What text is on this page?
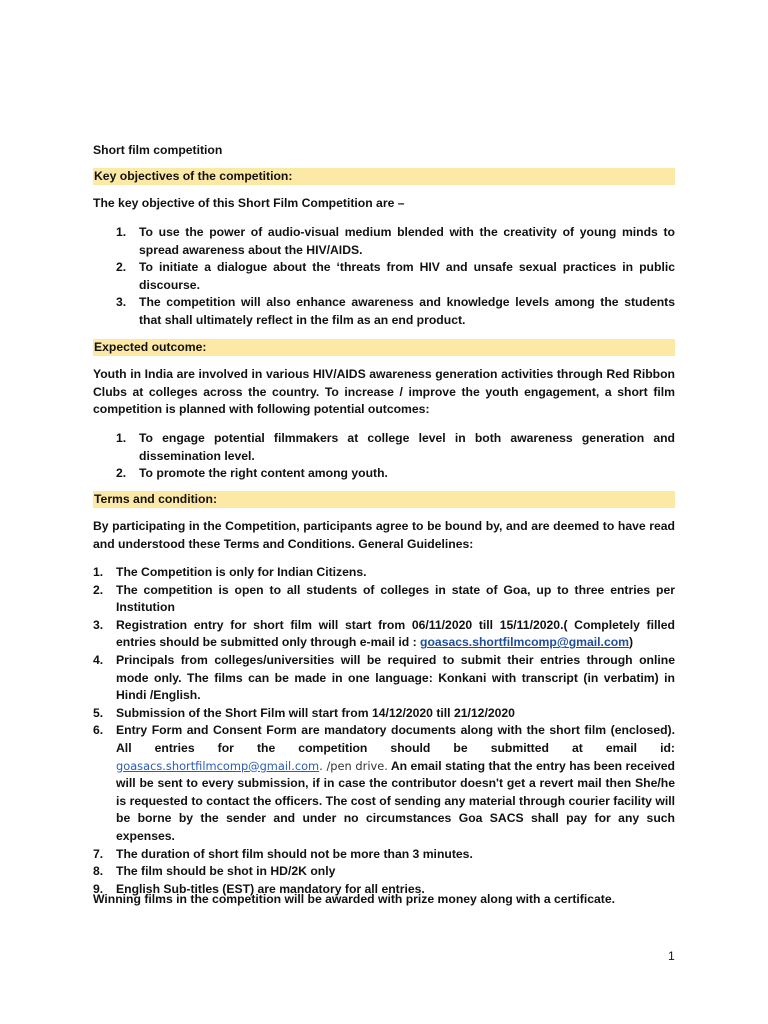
Short film competition
Key objectives of the competition:
The key objective of this Short Film Competition are –
1. To use the power of audio-visual medium blended with the creativity of young minds to spread awareness about the HIV/AIDS.
2. To initiate a dialogue about the ‘threats from HIV and unsafe sexual practices in public discourse.
3. The competition will also enhance awareness and knowledge levels among the students that shall ultimately reflect in the film as an end product.
Expected outcome:
Youth in India are involved in various HIV/AIDS awareness generation activities through Red Ribbon Clubs at colleges across the country. To increase / improve the youth engagement, a short film competition is planned with following potential outcomes:
1. To engage potential filmmakers at college level in both awareness generation and dissemination level.
2. To promote the right content among youth.
Terms and condition:
By participating in the Competition, participants agree to be bound by, and are deemed to have read and understood these Terms and Conditions. General Guidelines:
1. The Competition is only for Indian Citizens.
2. The competition is open to all students of colleges in state of Goa, up to three entries per Institution
3. Registration entry for short film will start from 06/11/2020 till 15/11/2020.( Completely filled entries should be submitted only through e-mail id : goasacs.shortfilmcomp@gmail.com)
4. Principals from colleges/universities will be required to submit their entries through online mode only. The films can be made in one language: Konkani with transcript (in verbatim) in Hindi /English.
5. Submission of the Short Film will start from 14/12/2020 till 21/12/2020
6. Entry Form and Consent Form are mandatory documents along with the short film (enclosed). All entries for the competition should be submitted at email id: goasacs.shortfilmcomp@gmail.com. /pen drive. An email stating that the entry has been received will be sent to every submission, if in case the contributor doesn't get a revert mail then She/he is requested to contact the officers. The cost of sending any material through courier facility will be borne by the sender and under no circumstances Goa SACS shall pay for any such expenses.
7. The duration of short film should not be more than 3 minutes.
8. The film should be shot in HD/2K only
9. English Sub-titles (EST) are mandatory for all entries.
Winning films in the competition will be awarded with prize money along with a certificate.
1
